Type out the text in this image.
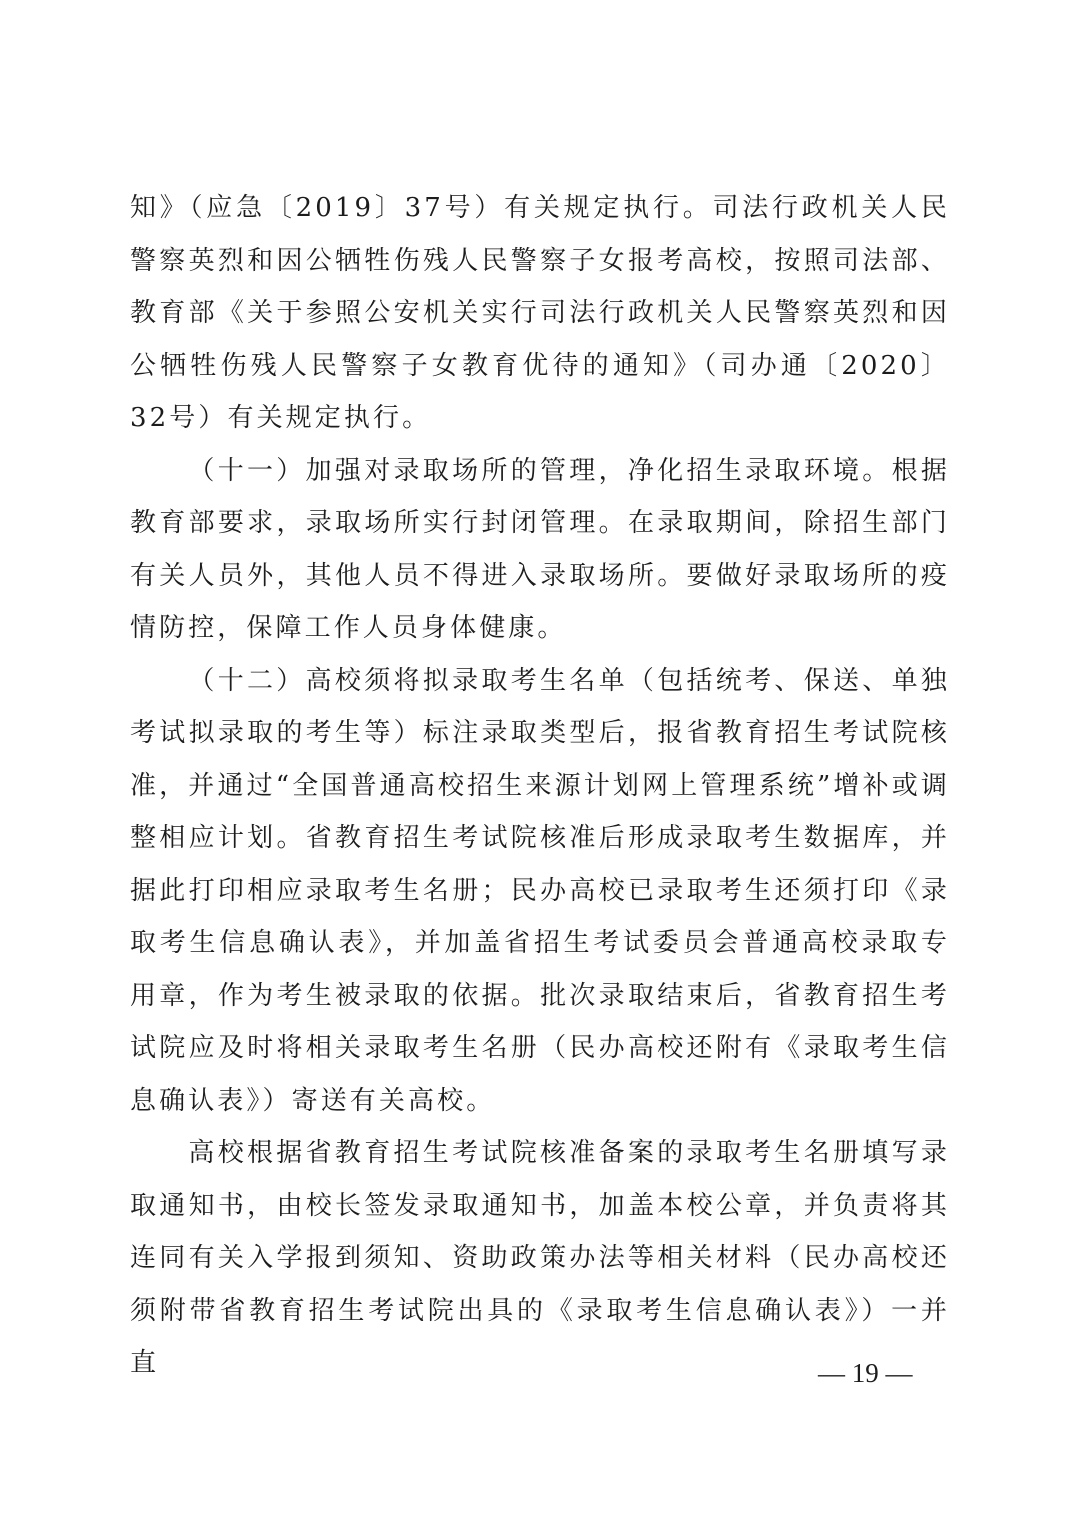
知》（应急〔2019〕37号）有关规定执行。司法行政机关人民警察英烈和因公牺牲伤残人民警察子女报考高校，按照司法部、教育部《关于参照公安机关实行司法行政机关人民警察英烈和因公牺牲伤残人民警察子女教育优待的通知》（司办通〔2020〕32号）有关规定执行。

（十一）加强对录取场所的管理，净化招生录取环境。根据教育部要求，录取场所实行封闭管理。在录取期间，除招生部门有关人员外，其他人员不得进入录取场所。要做好录取场所的疫情防控，保障工作人员身体健康。

（十二）高校须将拟录取考生名单（包括统考、保送、单独考试拟录取的考生等）标注录取类型后，报省教育招生考试院核准，并通过“全国普通高校招生来源计划网上管理系统”增补或调整相应计划。省教育招生考试院核准后形成录取考生数据库，并据此打印相应录取考生名册；民办高校已录取考生还须打印《录取考生信息确认表》，并加盖省招生考试委员会普通高校录取专用章，作为考生被录取的依据。批次录取结束后，省教育招生考试院应及时将相关录取考生名册（民办高校还附有《录取考生信息确认表》）寄送有关高校。

高校根据省教育招生考试院核准备案的录取考生名册填写录取通知书，由校长签发录取通知书，加盖本校公章，并负责将其连同有关入学报到须知、资助政策办法等相关材料（民办高校还须附带省教育招生考试院出具的《录取考生信息确认表》）一并直	— 19 —
